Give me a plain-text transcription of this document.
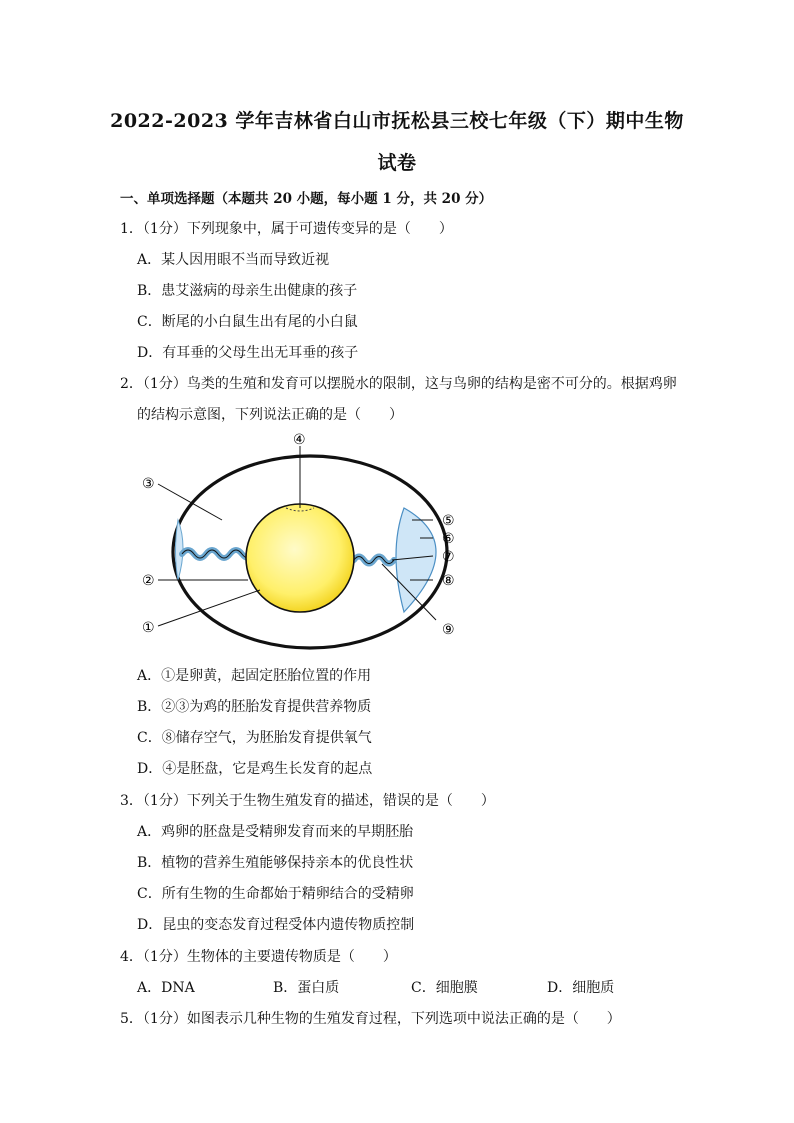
2022-2023 学年吉林省白山市抚松县三校七年级（下）期中生物
试卷
一、单项选择题（本题共 20 小题，每小题 1 分，共 20 分）
1．（1分）下列现象中，属于可遗传变异的是（　　）
A．某人因用眼不当而导致近视
B．患艾滋病的母亲生出健康的孩子
C．断尾的小白鼠生出有尾的小白鼠
D．有耳垂的父母生出无耳垂的孩子
2．（1分）鸟类的生殖和发育可以摆脱水的限制，这与鸟卵的结构是密不可分的。根据鸡卵
的结构示意图，下列说法正确的是（　　）
④
③
②
①
⑤
⑥
⑦
⑧
⑨
A．①是卵黄，起固定胚胎位置的作用
B．②③为鸡的胚胎发育提供营养物质
C．⑧储存空气，为胚胎发育提供氧气
D．④是胚盘，它是鸡生长发育的起点
3．（1分）下列关于生物生殖发育的描述，错误的是（　　）
A．鸡卵的胚盘是受精卵发育而来的早期胚胎
B．植物的营养生殖能够保持亲本的优良性状
C．所有生物的生命都始于精卵结合的受精卵
D．昆虫的变态发育过程受体内遗传物质控制
4．（1分）生物体的主要遗传物质是（　　）
A．DNA	B．蛋白质	C．细胞膜	D．细胞质
5．（1分）如图表示几种生物的生殖发育过程，下列选项中说法正确的是（　　）
